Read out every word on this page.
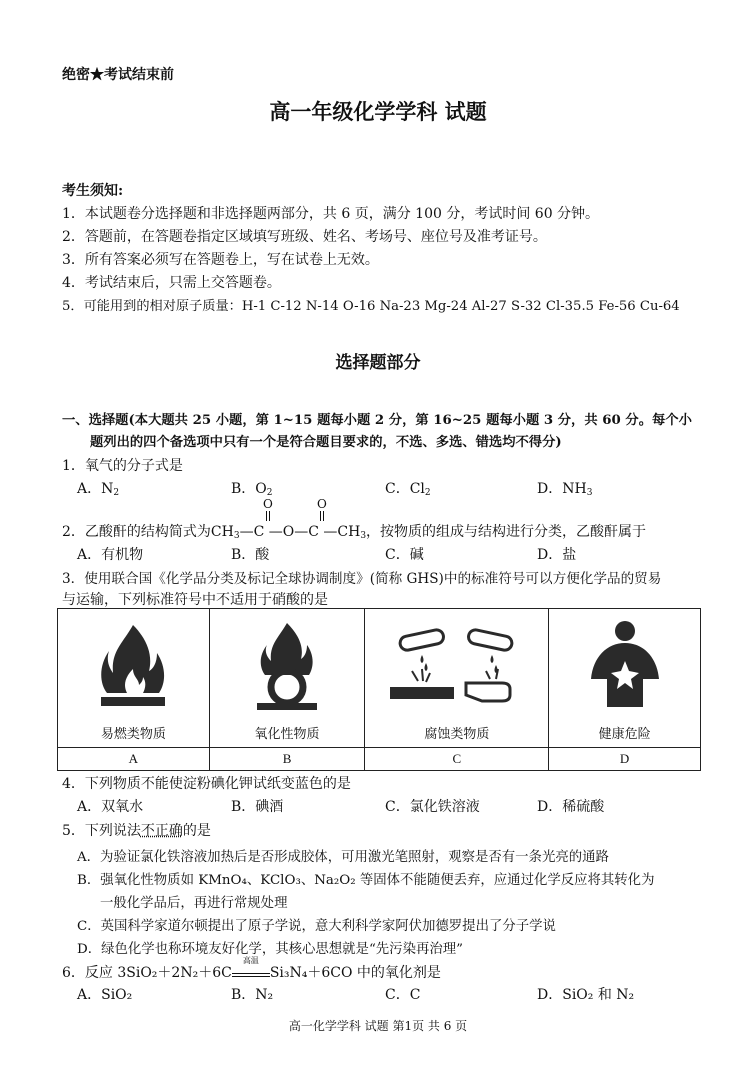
绝密★考试结束前
高一年级化学学科 试题
考生须知:
1．本试题卷分选择题和非选择题两部分，共 6 页，满分 100 分，考试时间 60 分钟。
2．答题前，在答题卷指定区域填写班级、姓名、考场号、座位号及准考证号。
3．所有答案必须写在答题卷上，写在试卷上无效。
4．考试结束后，只需上交答题卷。
5．可能用到的相对原子质量：H-1 C-12 N-14 O-16 Na-23 Mg-24 Al-27 S-32 Cl-35.5 Fe-56 Cu-64
选择题部分
一、选择题(本大题共 25 小题，第 1~15 题每小题 2 分，第 16~25 题每小题 3 分，共 60 分。每个小
题列出的四个备选项中只有一个是符合题目要求的，不选、多选、错选均不得分)
1．氧气的分子式是
A．$N_2$	B．$O_2$	C．$Cl_2$	D．$NH_3$
O	O
2．乙酸酐的结构简式为$CH_3—C$ —O—C $—CH_3$，按物质的组成与结构进行分类，乙酸酐属于
A．有机物	B．酸	C．碱	D．盐
3．使用联合国《化学品分类及标记全球协调制度》(简称 GHS)中的标准符号可以方便化学品的贸易
与运输，下列标准符号中不适用于硝酸的是
易燃类物质	氧化性物质	腐蚀类物质	健康危险

A	B	C	D
4．下列物质不能使淀粉碘化钾试纸变蓝色的是
A．双氧水	B．碘酒	C．氯化铁溶液	D．稀硫酸
5．下列说法不正确的是
A．为验证氯化铁溶液加热后是否形成胶体，可用激光笔照射，观察是否有一条光亮的通路
B．强氧化性物质如 KMnO₄、KClO₃、Na₂O₂ 等固体不能随便丢弃，应通过化学反应将其转化为
一般化学品后，再进行常规处理
C．英国科学家道尔顿提出了原子学说，意大利科学家阿伏加德罗提出了分子学说
D．绿色化学也称环境友好化学，其核心思想就是“先污染再治理”
6．反应 3SiO₂＋2N₂＋6C
高温
Si₃N₄＋6CO 中的氧化剂是
A．SiO₂	B．N₂	C．C	D．SiO₂ 和 N₂
高一化学学科 试题 第1页 共 6 页
